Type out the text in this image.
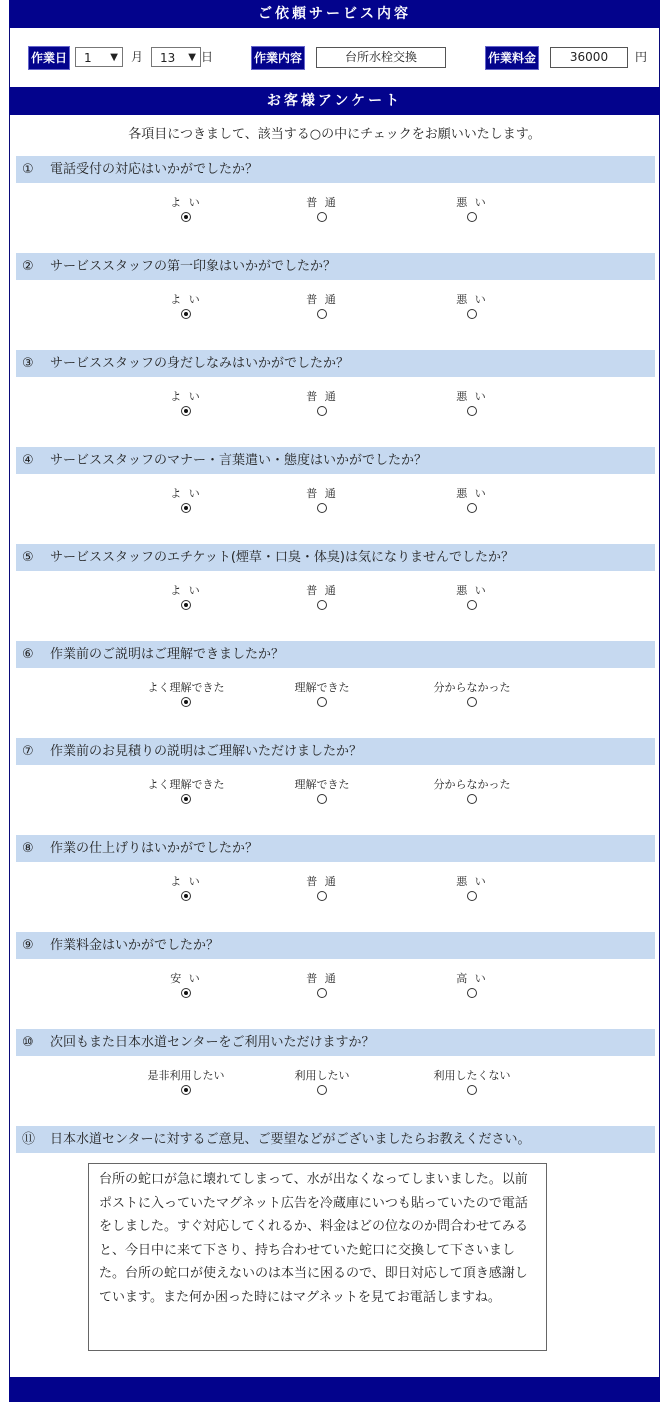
ご依頼サービス内容
作業日	1 ▼ 月	13 ▼ 日	作業内容	台所水栓交換	作業料金	36000	円
お客様アンケート
各項目につきまして、該当する○の中にチェックをお願いいたします。
① 電話受付の対応はいかがでしたか？
よ い	普 通	悪 い
② サービススタッフの第一印象はいかがでしたか？
よ い	普 通	悪 い
③ サービススタッフの身だしなみはいかがでしたか？
よ い	普 通	悪 い
④ サービススタッフのマナー・言葉遣い・態度はいかがでしたか？
よ い	普 通	悪 い
⑤ サービススタッフのエチケット(煙草・口臭・体臭)は気になりませんでしたか？
よ い	普 通	悪 い
⑥ 作業前のご説明はご理解できましたか？
よく理解できた	理解できた	分からなかった
⑦ 作業前のお見積りの説明はご理解いただけましたか？
よく理解できた	理解できた	分からなかった
⑧ 作業の仕上げりはいかがでしたか？
よ い	普 通	悪 い
⑨ 作業料金はいかがでしたか？
安 い	普 通	高 い
⑩ 次回もまた日本水道センターをご利用いただけますか？
是非利用したい	利用したい	利用したくない
⑪ 日本水道センターに対するご意見、ご要望などがございましたらお教えください。
台所の蛇口が急に壊れてしまって、水が出なくなってしまいました。以前ポストに入っていたマグネット広告を冷蔵庫にいつも貼っていたので電話をしました。すぐ対応してくれるか、料金はどの位なのか問合わせてみると、今日中に来て下さり、持ち合わせていた蛇口に交換して下さいました。台所の蛇口が使えないのは本当に困るので、即日対応して頂き感謝しています。また何か困った時にはマグネットを見てお電話しますね。
